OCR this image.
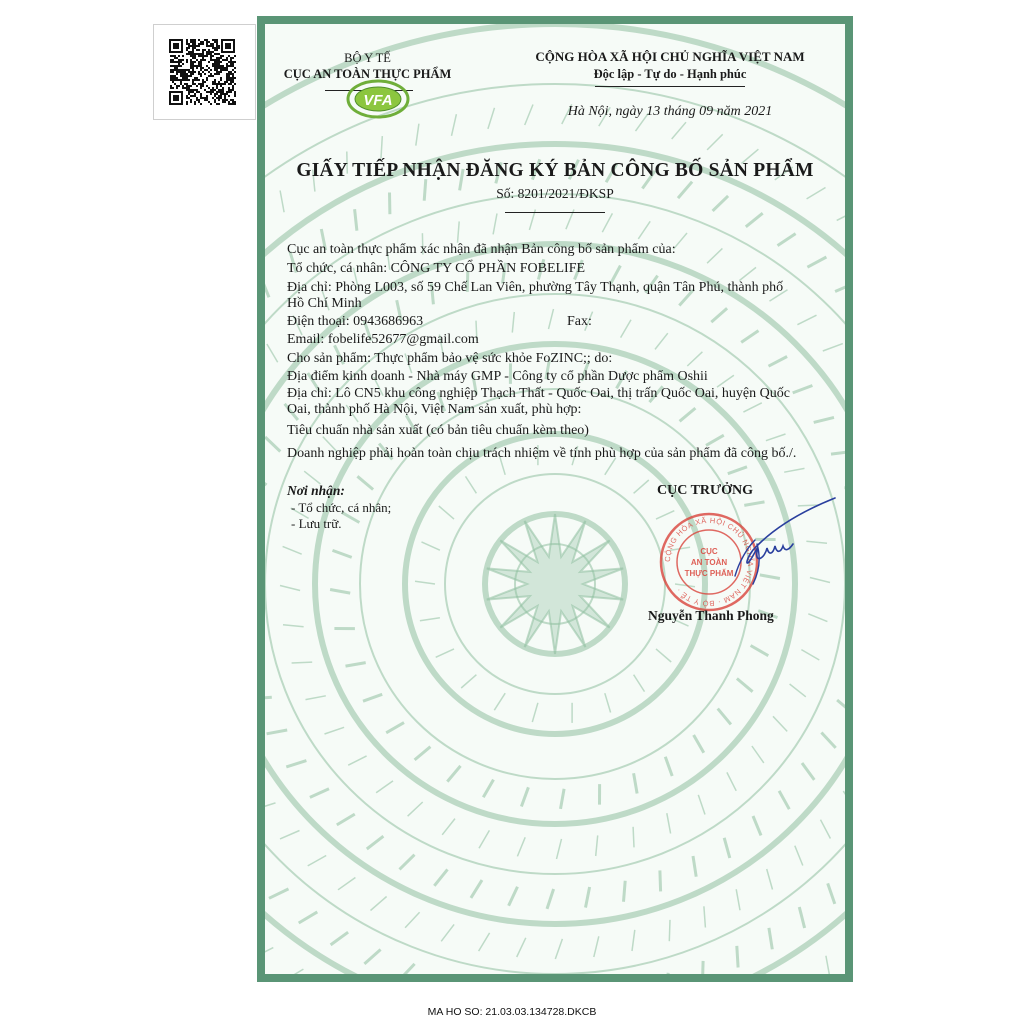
BỘ Y TẾ
CỤC AN TOÀN THỰC PHẨM
VFA
CỘNG HÒA XÃ HỘI CHỦ NGHĨA VIỆT NAM
Độc lập - Tự do - Hạnh phúc
Hà Nội, ngày 13 tháng 09 năm 2021
GIẤY TIẾP NHẬN ĐĂNG KÝ BẢN CÔNG BỐ SẢN PHẨM
Số: 8201/2021/ĐKSP
Cục an toàn thực phẩm xác nhận đã nhận Bản công bố sản phẩm của:
Tổ chức, cá nhân: CÔNG TY CỔ PHẦN FOBELIFE
Địa chỉ: Phòng L003, số 59 Chế Lan Viên, phường Tây Thạnh, quận Tân Phú, thành phố
Hồ Chí Minh
Điện thoại: 0943686963	Fax:
Email: fobelife52677@gmail.com
Cho sản phẩm: Thực phẩm bảo vệ sức khỏe FoZINC;; do:
Địa điểm kinh doanh - Nhà máy GMP - Công ty cổ phần Dược phẩm Oshii
Địa chỉ: Lô CN5 khu công nghiệp Thạch Thất - Quốc Oai, thị trấn Quốc Oai, huyện Quốc
Oai, thành phố Hà Nội, Việt Nam sản xuất, phù hợp:
Tiêu chuẩn nhà sản xuất (có bản tiêu chuẩn kèm theo)
Doanh nghiệp phải hoàn toàn chịu trách nhiệm về tính phù hợp của sản phẩm đã công bố./.
Nơi nhận:
- Tổ chức, cá nhân;
- Lưu trữ.
CỤC TRƯỞNG
CỘNG HÒA XÃ HỘI CHỦ NGHĨA VIỆT NAM · BỘ Y TẾ ·
CỤC
AN TOÀN
THỰC PHẨM
Nguyễn Thanh Phong
MA HO SO: 21.03.03.134728.DKCB
